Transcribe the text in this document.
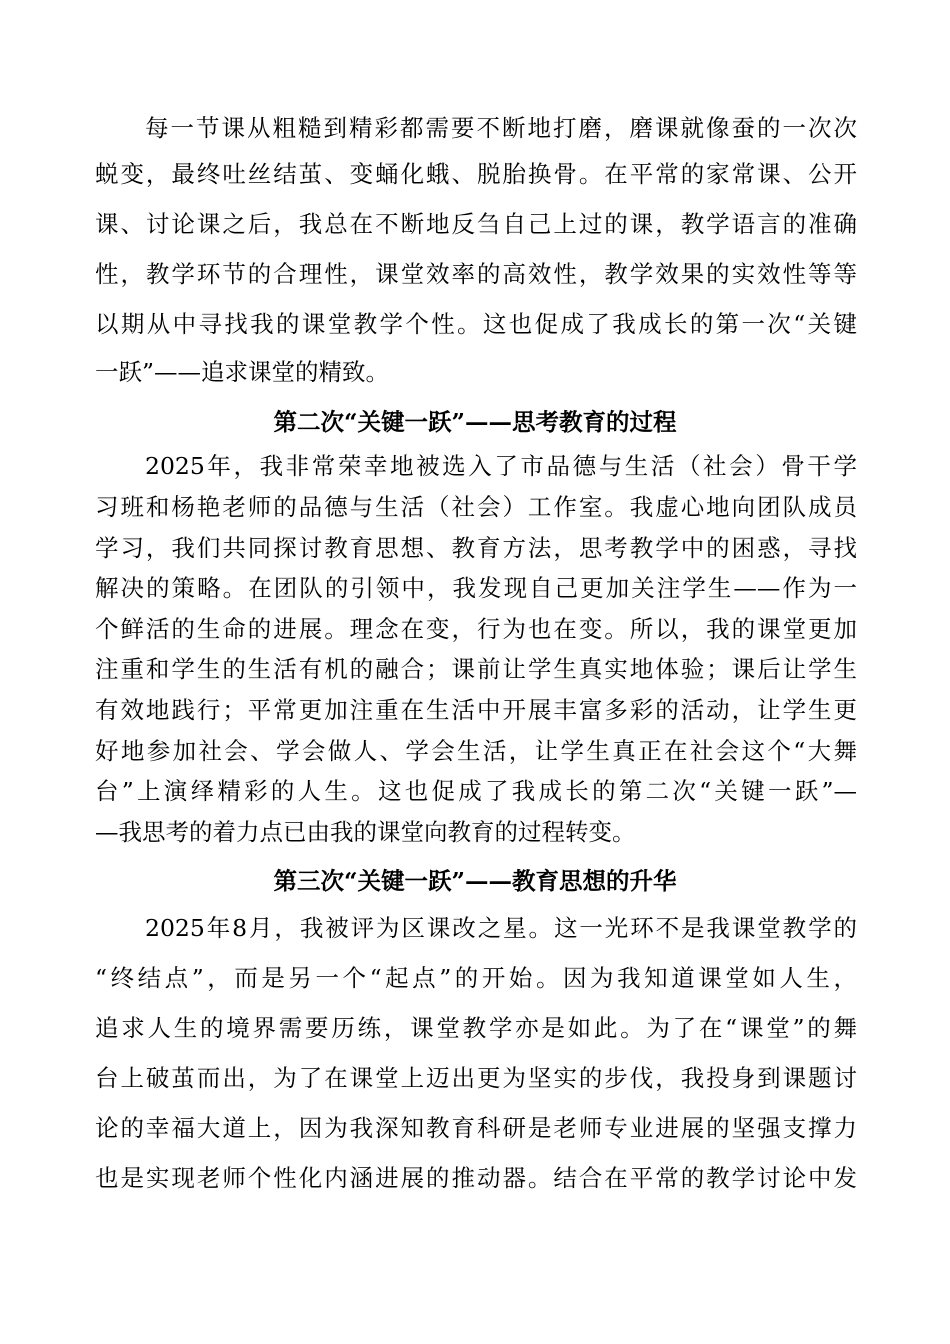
每一节课从粗糙到精彩都需要不断地打磨，磨课就像蚕的一次次
蜕变，最终吐丝结茧、变蛹化蛾、脱胎换骨。在平常的家常课、公开
课、讨论课之后，我总在不断地反刍自己上过的课，教学语言的准确
性，教学环节的合理性，课堂效率的高效性，教学效果的实效性等等
以期从中寻找我的课堂教学个性。这也促成了我成长的第一次“关键
一跃”——追求课堂的精致。
第二次“关键一跃”——思考教育的过程
2025年，我非常荣幸地被选入了市品德与生活（社会）骨干学
习班和杨艳老师的品德与生活（社会）工作室。我虚心地向团队成员
学习，我们共同探讨教育思想、教育方法，思考教学中的困惑，寻找
解决的策略。在团队的引领中，我发现自己更加关注学生——作为一
个鲜活的生命的进展。理念在变，行为也在变。所以，我的课堂更加
注重和学生的生活有机的融合；课前让学生真实地体验；课后让学生
有效地践行；平常更加注重在生活中开展丰富多彩的活动，让学生更
好地参加社会、学会做人、学会生活，让学生真正在社会这个“大舞
台”上演绎精彩的人生。这也促成了我成长的第二次“关键一跃”—
—我思考的着力点已由我的课堂向教育的过程转变。
第三次“关键一跃”——教育思想的升华
2025年8月，我被评为区课改之星。这一光环不是我课堂教学的
“终结点”，而是另一个“起点”的开始。因为我知道课堂如人生，
追求人生的境界需要历练，课堂教学亦是如此。为了在“课堂”的舞
台上破茧而出，为了在课堂上迈出更为坚实的步伐，我投身到课题讨
论的幸福大道上，因为我深知教育科研是老师专业进展的坚强支撑力
也是实现老师个性化内涵进展的推动器。结合在平常的教学讨论中发
